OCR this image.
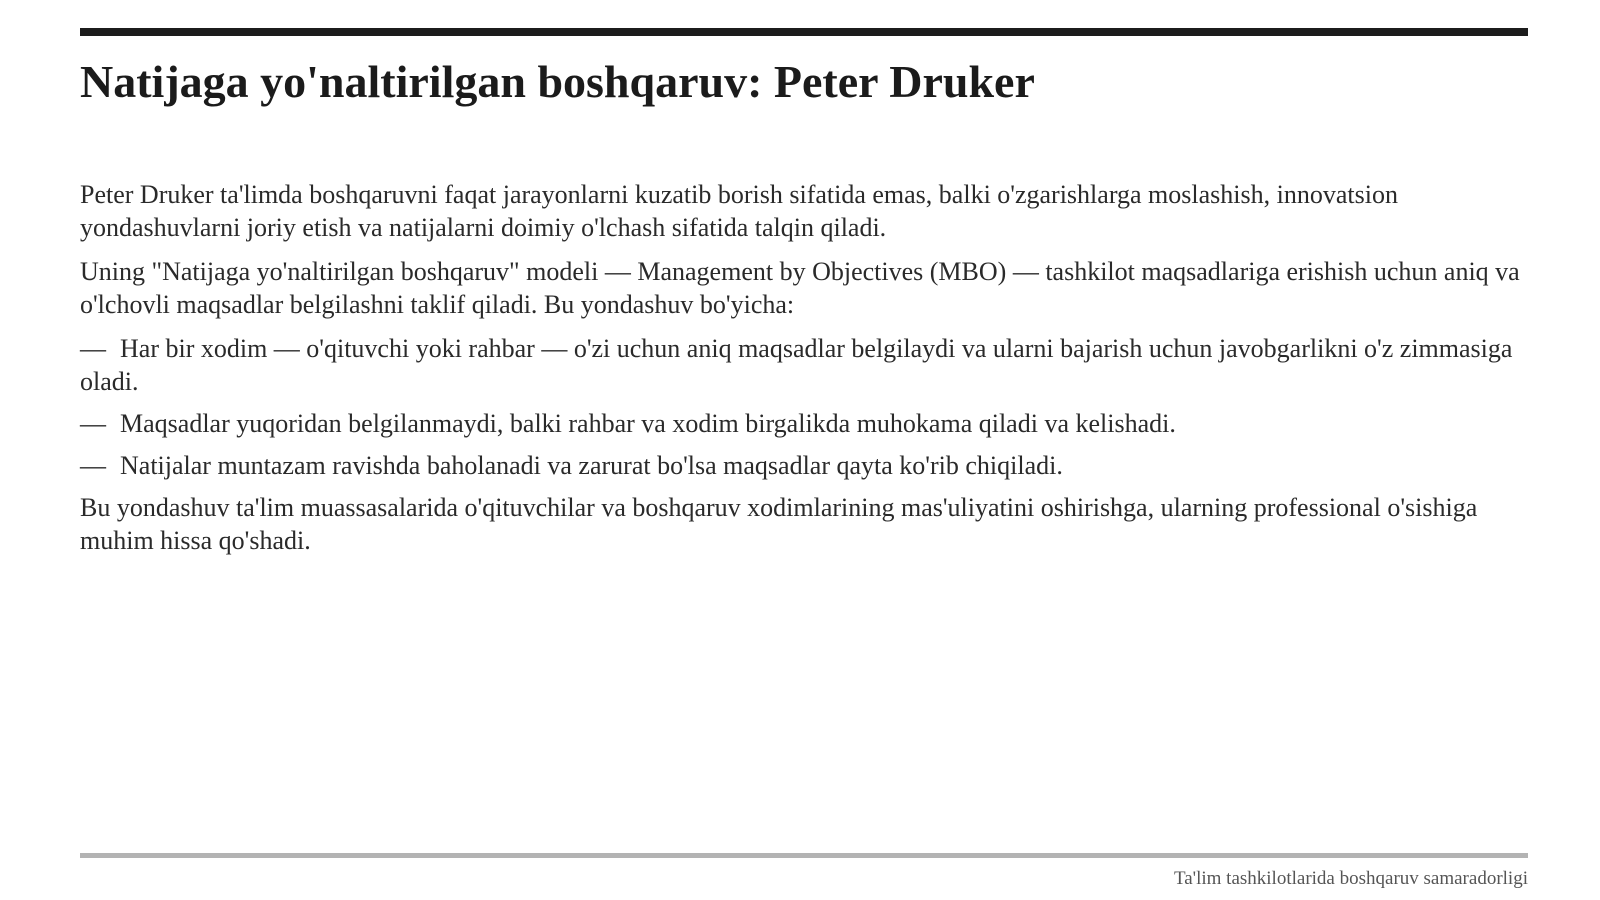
Natijaga yo'naltirilgan boshqaruv: Peter Druker

Peter Druker ta'limda boshqaruvni faqat jarayonlarni kuzatib borish sifatida emas, balki o'zgarishlarga moslashish, innovatsion yondashuvlarni joriy etish va natijalarni doimiy o'lchash sifatida talqin qiladi.

Uning "Natijaga yo'naltirilgan boshqaruv" modeli — Management by Objectives (MBO) — tashkilot maqsadlariga erishish uchun aniq va o'lchovli maqsadlar belgilashni taklif qiladi. Bu yondashuv bo'yicha:

— Har bir xodim — o'qituvchi yoki rahbar — o'zi uchun aniq maqsadlar belgilaydi va ularni bajarish uchun javobgarlikni o'z zimmasiga oladi.
— Maqsadlar yuqoridan belgilanmaydi, balki rahbar va xodim birgalikda muhokama qiladi va kelishadi.
— Natijalar muntazam ravishda baholanadi va zarurat bo'lsa maqsadlar qayta ko'rib chiqiladi.

Bu yondashuv ta'lim muassasalarida o'qituvchilar va boshqaruv xodimlarining mas'uliyatini oshirishga, ularning professional o'sishiga muhim hissa qo'shadi.

Ta'lim tashkilotlarida boshqaruv samaradorligi
